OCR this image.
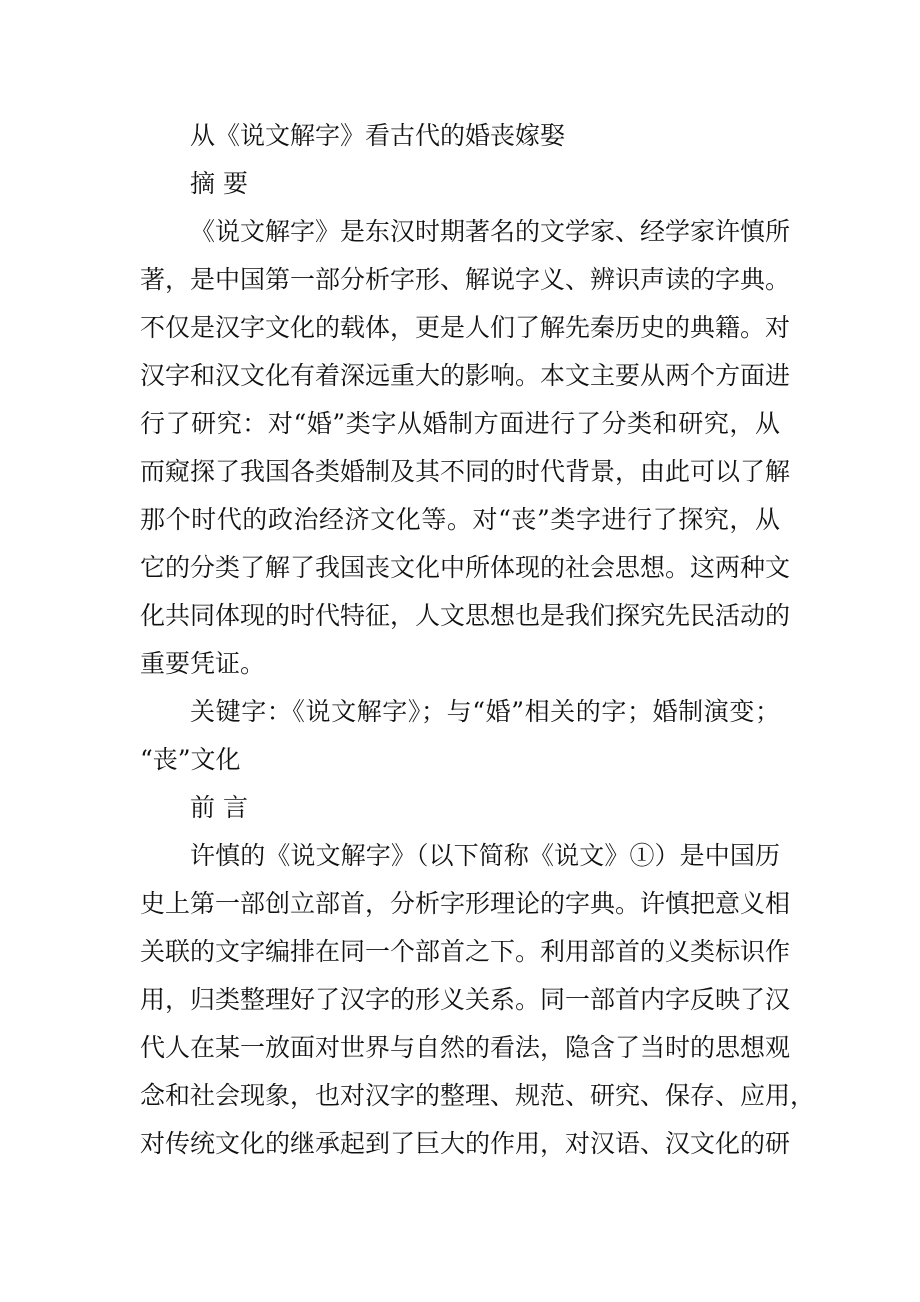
从《说文解字》看古代的婚丧嫁娶
摘 要
《说文解字》是东汉时期著名的文学家、经学家许慎所
著，是中国第一部分析字形、解说字义、辨识声读的字典。
不仅是汉字文化的载体，更是人们了解先秦历史的典籍。对
汉字和汉文化有着深远重大的影响。本文主要从两个方面进
行了研究：对“婚”类字从婚制方面进行了分类和研究，从
而窥探了我国各类婚制及其不同的时代背景，由此可以了解
那个时代的政治经济文化等。对“丧”类字进行了探究，从
它的分类了解了我国丧文化中所体现的社会思想。这两种文
化共同体现的时代特征，人文思想也是我们探究先民活动的
重要凭证。
关键字：《说文解字》；与“婚”相关的字；婚制演变；
“丧”文化
前 言
许慎的《说文解字》（以下简称《说文》①）是中国历
史上第一部创立部首，分析字形理论的字典。许慎把意义相
关联的文字编排在同一个部首之下。利用部首的义类标识作
用，归类整理好了汉字的形义关系。同一部首内字反映了汉
代人在某一放面对世界与自然的看法，隐含了当时的思想观
念和社会现象，也对汉字的整理、规范、研究、保存、应用，
对传统文化的继承起到了巨大的作用，对汉语、汉文化的研
